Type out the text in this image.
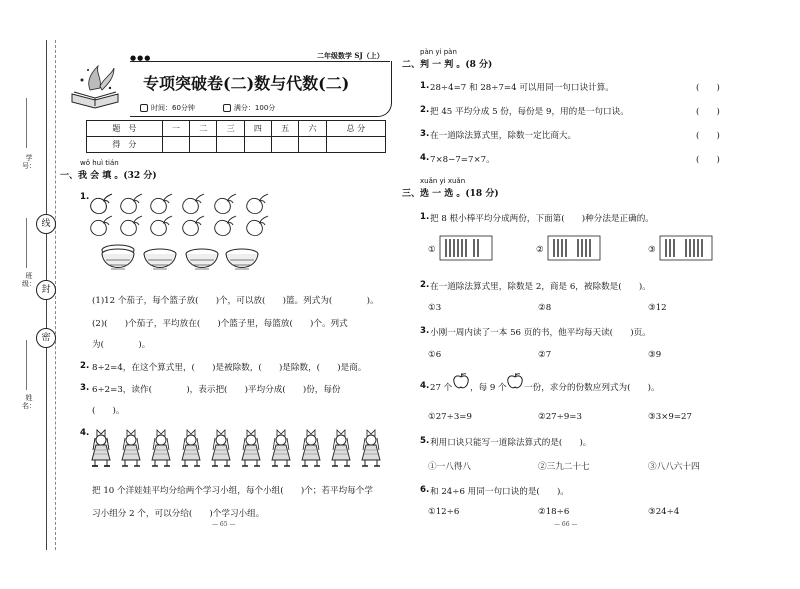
学号：
线
班级：
封
密
姓名：
●●●	二年级数学 SJ（上）
专项突破卷(二)数与代数(二)
时间：60分钟	满分：100分
题　号	一	二	三	四	五	六	总 分
得　分							
wǒ huì tián
一、我 会 填 。(32 分)
1.
(1)12 个茄子，每个篮子放(　　)个，可以放(　　)篮。列式为(　　　　)。
(2)(　　)个茄子，平均放在(　　)个篮子里，每篮放(　　)个。列式
为(　　　　)。
2. 8÷2=4，在这个算式里，(　　)是被除数，(　　)是除数，(　　)是商。
3. 6÷2=3，读作(　　　　)，表示把(　　)平均分成(　　)份，每份
(　　)。
4.
把 10 个洋娃娃平均分给两个学习小组，每个小组(　　)个；若平均每个学
习小组分 2 个，可以分给(　　)个学习小组。
— 65 —
pàn yi pàn
二、判 一 判 。(8 分)
1. 28÷4=7 和 28÷7=4 可以用同一句口诀计算。	(　　)
2. 把 45 平均分成 5 份，每份是 9，用的是一句口诀。	(　　)
3. 在一道除法算式里，除数一定比商大。	(　　)
4. 7×8−7=7×7。	(　　)
xuǎn yi xuǎn
三、选 一 选 。(18 分)
1. 把 8 根小棒平均分成两份，下面第(　　)种分法是正确的。
①	②	③
2. 在一道除法算式里，除数是 2，商是 6，被除数是(　　)。
①3	②8	③12
3. 小刚一周内读了一本 56 页的书，他平均每天读(　　)页。
①6	②7	③9
4. 27 个 ，每 9 个 一份，求分的份数应列式为(　　)。
①27÷3=9	②27÷9=3	③3×9=27
5. 利用口诀只能写一道除法算式的是(　　)。
①一八得八	②三九二十七	③八八六十四
6. 和 24÷6 用同一句口诀的是(　　)。
①12÷6	②18÷6	③24÷4
— 66 —
